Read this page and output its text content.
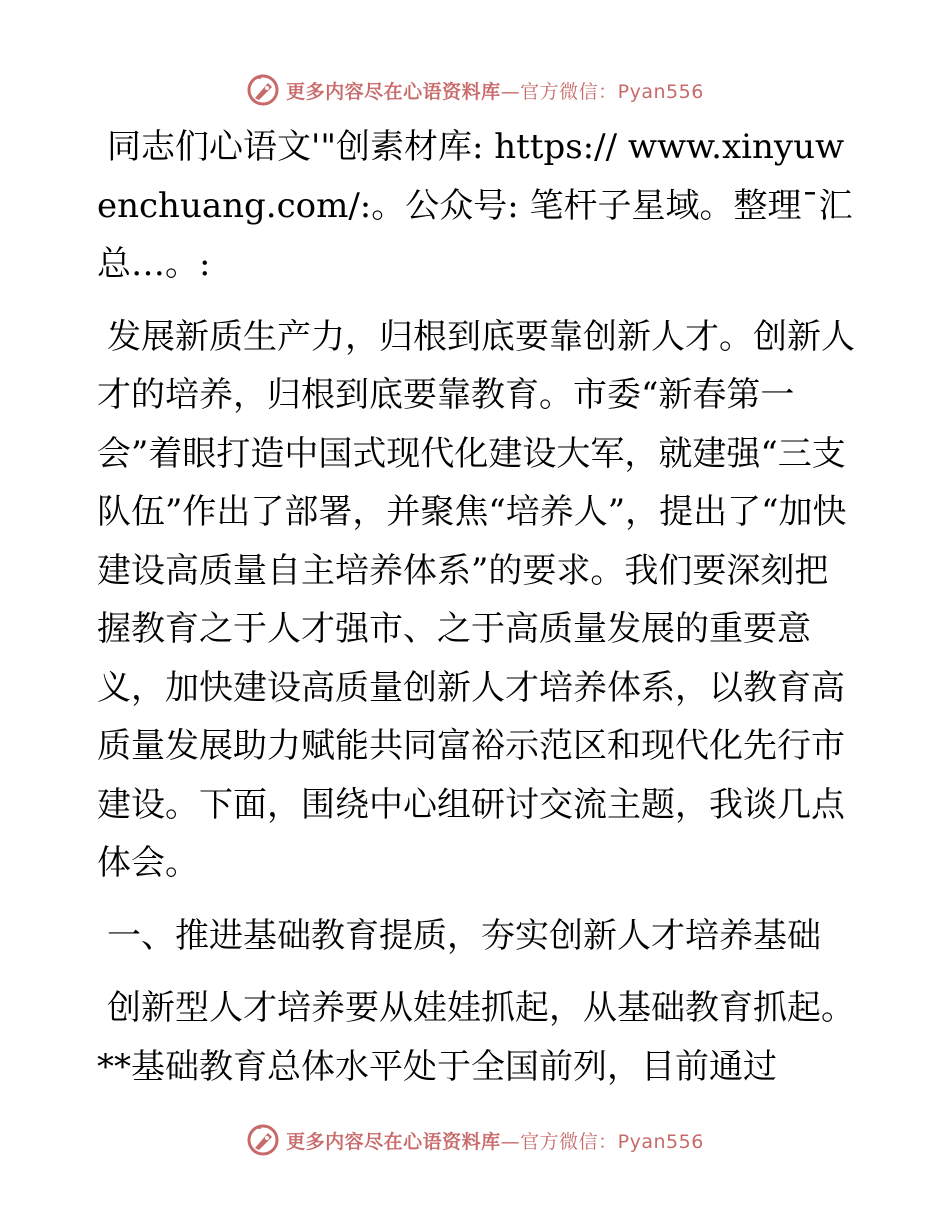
更多内容尽在心语资料库—官方微信：Pyan556

同志们心语文'"创素材库: https:// www.xinyuwenchuang.com/:。公众号: 笔杆子星域。整理¯汇总…。:

发展新质生产力，归根到底要靠创新人才。创新人才的培养，归根到底要靠教育。市委“新春第一会”着眼打造中国式现代化建设大军，就建强“三支队伍”作出了部署，并聚焦“培养人”，提出了“加快建设高质量自主培养体系”的要求。我们要深刻把握教育之于人才强市、之于高质量发展的重要意义，加快建设高质量创新人才培养体系，以教育高质量发展助力赋能共同富裕示范区和现代化先行市建设。下面，围绕中心组研讨交流主题，我谈几点体会。

一、推进基础教育提质，夯实创新人才培养基础

创新型人才培养要从娃娃抓起，从基础教育抓起。**基础教育总体水平处于全国前列，目前通过

更多内容尽在心语资料库—官方微信：Pyan556
